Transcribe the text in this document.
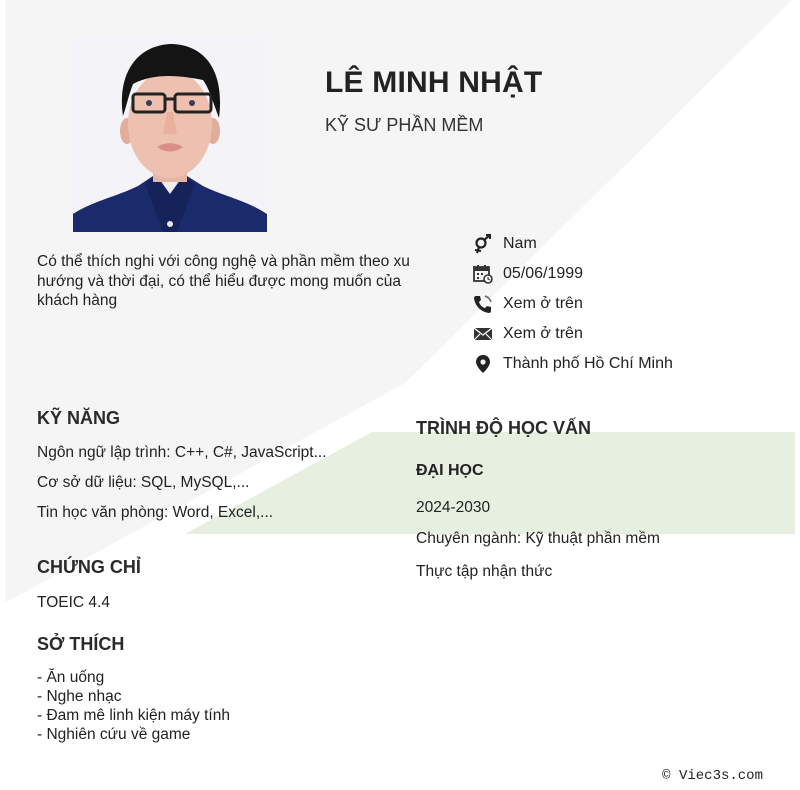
LÊ MINH NHẬT
KỸ SƯ PHẦN MỀM
Có thể thích nghi với công nghệ và phần mềm theo xu hướng và thời đại, có thể hiểu được mong muốn của khách hàng
Nam
05/06/1999
Xem ở trên
Xem ở trên
Thành phố Hồ Chí Minh
KỸ NĂNG
Ngôn ngữ lập trình: C++, C#, JavaScript...
Cơ sở dữ liệu: SQL, MySQL,...
Tin học văn phòng: Word, Excel,...
CHỨNG CHỈ
TOEIC 4.4
SỞ THÍCH
- Ăn uống
- Nghe nhạc
- Đam mê linh kiện máy tính
- Nghiên cứu về game
TRÌNH ĐỘ HỌC VẤN
ĐẠI HỌC
2024-2030
Chuyên ngành: Kỹ thuật phần mềm
Thực tập nhận thức
© Viec3s.com
